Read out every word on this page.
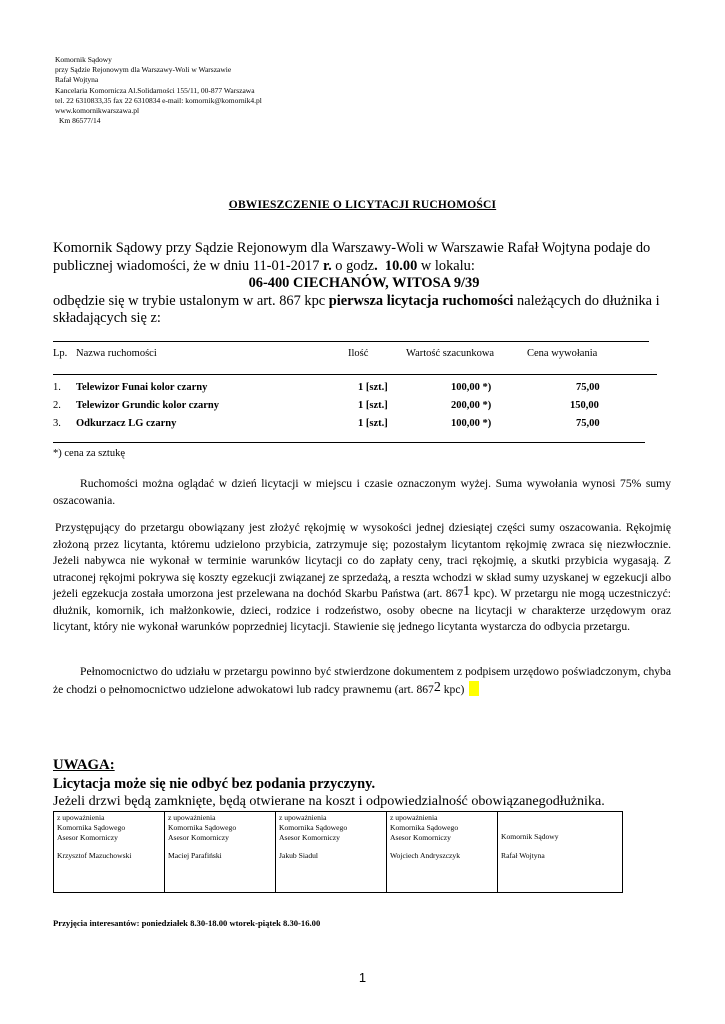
Komornik Sądowy
przy Sądzie Rejonowym dla Warszawy-Woli w Warszawie
Rafał Wojtyna
Kancelaria Komornicza Al.Solidarności 155/11, 00-877 Warszawa
tel. 22 6310833,35 fax 22 6310834 e-mail: komornik@komornik4.pl
www.komornikwarszawa.pl
Km 86577/14
OBWIESZCZENIE O LICYTACJI RUCHOMOŚCI

Komornik Sądowy przy Sądzie Rejonowym dla Warszawy-Woli w Warszawie Rafał Wojtyna podaje do publicznej wiadomości, że w dniu 11-01-2017 r. o godz. 10.00 w lokalu:

06-400 CIECHANÓW, WITOSA 9/39

odbędzie się w trybie ustalonym w art. 867 kpc pierwsza licytacja ruchomości należących do dłużnika i składających się z:

Lp. Nazwa ruchomości	Ilość	Wartość szacunkowa	Cena wywołania
1. Telewizor Funai kolor czarny	1 [szt.]	100,00 *)	75,00
2. Telewizor Grundic kolor czarny	1 [szt.]	200,00 *)	150,00
3. Odkurzacz LG czarny	1 [szt.]	100,00 *)	75,00
*) cena za sztukę

Ruchomości można oglądać w dzień licytacji w miejscu i czasie oznaczonym wyżej. Suma wywołania wynosi 75% sumy oszacowania.

Przystępujący do przetargu obowiązany jest złożyć rękojmię w wysokości jednej dziesiątej części sumy oszacowania. Rękojmię złożoną przez licytanta, któremu udzielono przybicia, zatrzymuje się; pozostałym licytantom rękojmię zwraca się niezwłocznie. Jeżeli nabywca nie wykonał w terminie warunków licytacji co do zapłaty ceny, traci rękojmię, a skutki przybicia wygasają. Z utraconej rękojmi pokrywa się koszty egzekucji związanej ze sprzedażą, a reszta wchodzi w skład sumy uzyskanej w egzekucji albo jeżeli egzekucja została umorzona jest przelewana na dochód Skarbu Państwa (art. $867^1$ kpc). W przetargu nie mogą uczestniczyć: dłużnik, komornik, ich małżonkowie, dzieci, rodzice i rodzeństwo, osoby obecne na licytacji w charakterze urzędowym oraz licytant, który nie wykonał warunków poprzedniej licytacji. Stawienie się jednego licytanta wystarcza do odbycia przetargu.

Pełnomocnictwo do udziału w przetargu powinno być stwierdzone dokumentem z podpisem urzędowo poświadczonym, chyba że chodzi o pełnomocnictwo udzielone adwokatowi lub radcy prawnemu (art. $867^2$ kpc)

UWAGA:
Licytacja może się nie odbyć bez podania przyczyny.
Jeżeli drzwi będą zamknięte, będą otwierane na koszt i odpowiedzialność obowiązanegodłużnika.
z upoważnienia
Komornika Sądowego
Asesor Komorniczy
Krzysztof Mazuchowski

z upoważnienia
Komornika Sądowego
Asesor Komorniczy
Maciej Parafiński

z upoważnienia
Komornika Sądowego
Asesor Komorniczy
Jakub Siadul

z upoważnienia
Komornika Sądowego
Asesor Komorniczy
Wojciech Andryszczyk

Komornik Sądowy
Rafał Wojtyna
Przyjęcia interesantów: poniedziałek 8.30-18.00 wtorek-piątek 8.30-16.00
1
